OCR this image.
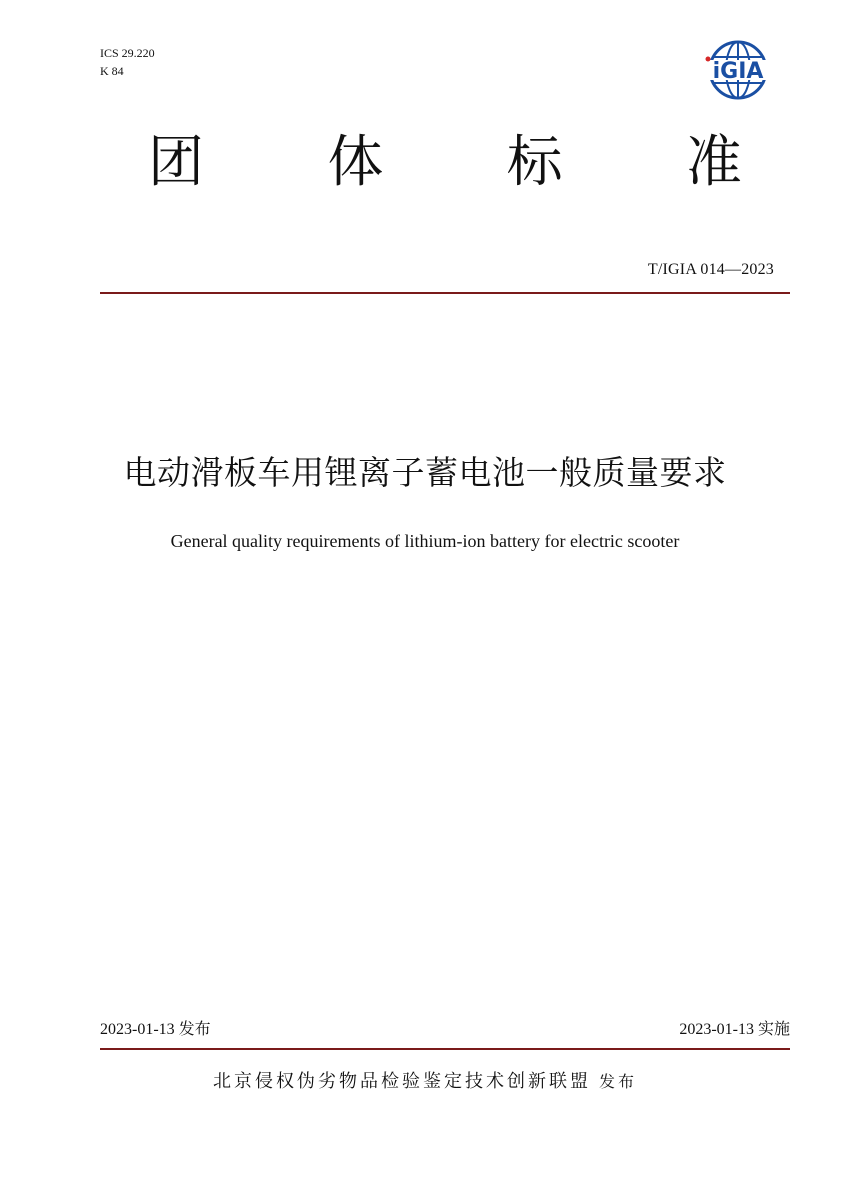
ICS 29.220
K 84	iGIA
团 体 标 准
T/IGIA 014—2023
电动滑板车用锂离子蓄电池一般质量要求
General quality requirements of lithium-ion battery for electric scooter
2023-01-13 发布	2023-01-13 实施
北京侵权伪劣物品检验鉴定技术创新联盟 发布
